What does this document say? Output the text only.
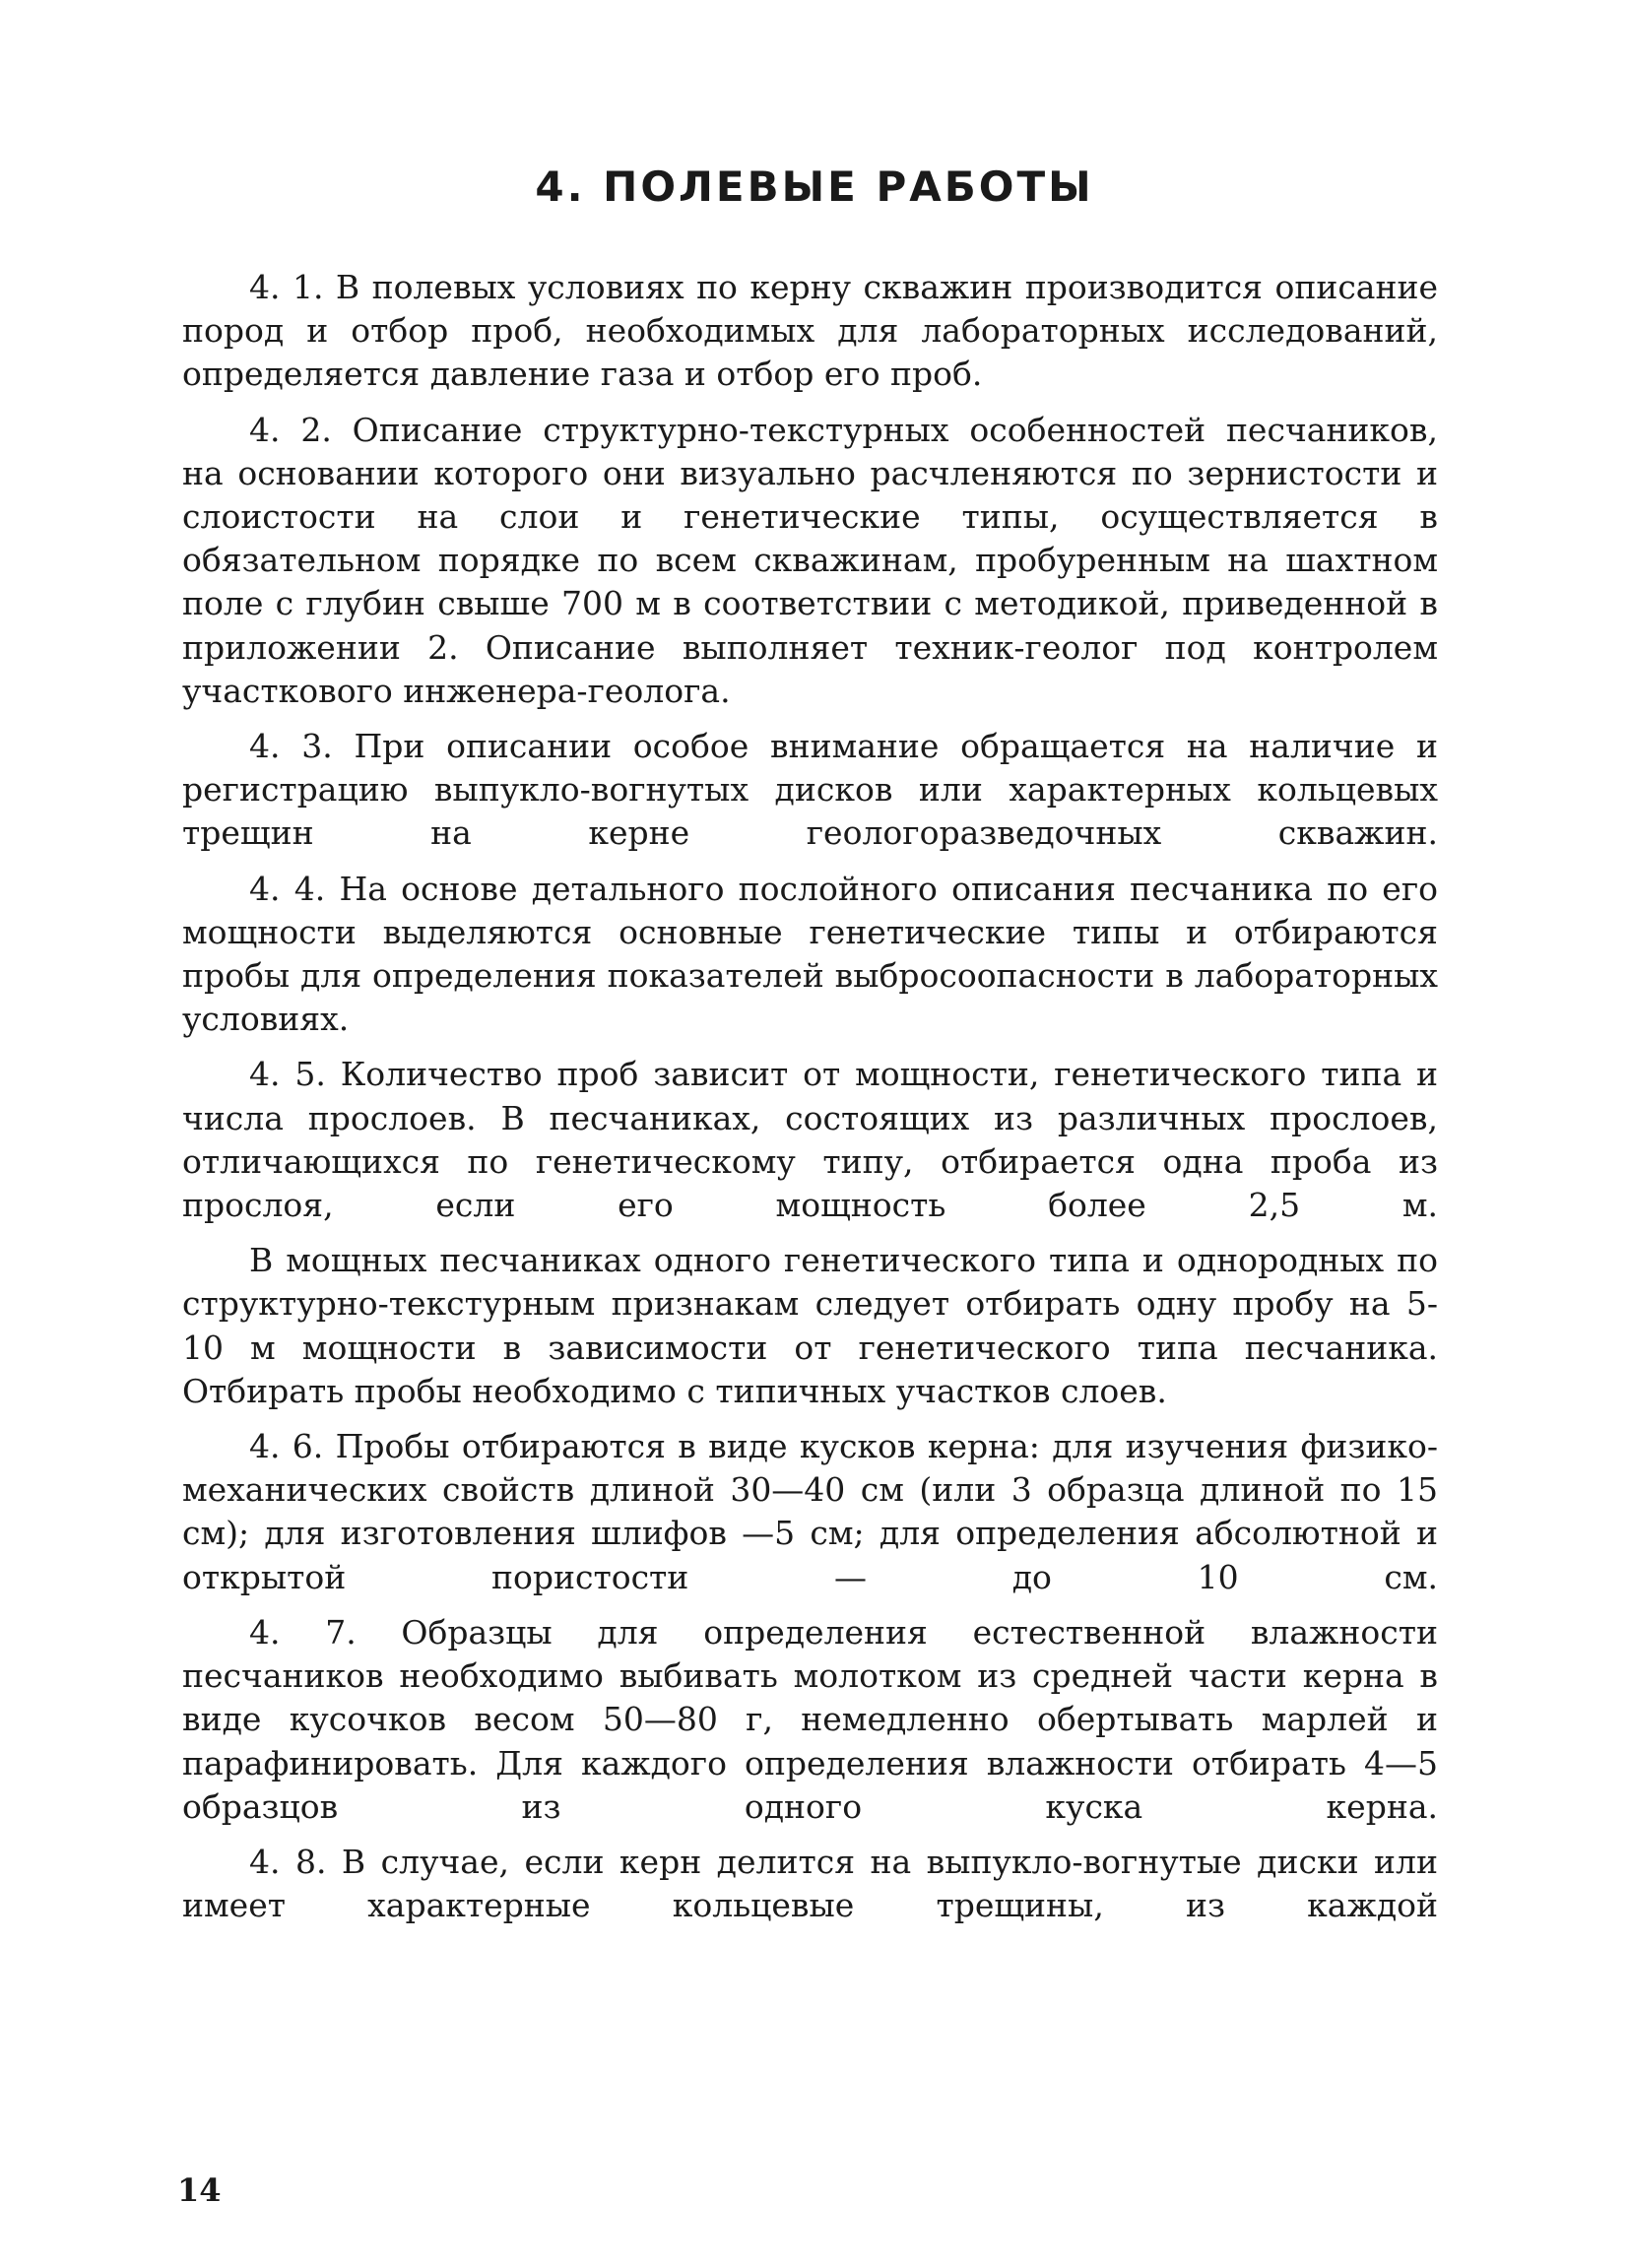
4. ПОЛЕВЫЕ РАБОТЫ

4. 1. В полевых условиях по керну скважин производится описание пород и отбор проб, необходимых для лабораторных исследований, определяется давление газа и отбор его проб.

4. 2. Описание структурно-текстурных особенностей песчаников, на основании которого они визуально расчленяются по зернистости и слоистости на слои и генетические типы, осуществляется в обязательном порядке по всем скважинам, пробуренным на шахтном поле с глубин свыше 700 м в соответствии с методикой, приведенной в приложении 2. Описание выполняет техник-геолог под контролем участкового инженера-геолога.

4. 3. При описании особое внимание обращается на наличие и регистрацию выпукло-вогнутых дисков или характерных кольцевых трещин на керне геологоразведочных скважин.

4. 4. На основе детального послойного описания песчаника по его мощности выделяются основные генетические типы и отбираются пробы для определения показателей выбросоопасности в лабораторных условиях.

4. 5. Количество проб зависит от мощности, генетического типа и числа прослоев. В песчаниках, состоящих из различных прослоев, отличающихся по генетическому типу, отбирается одна проба из прослоя, если его мощность более 2,5 м.

В мощных песчаниках одного генетического типа и однородных по структурно-текстурным признакам следует отбирать одну пробу на 5-10 м мощности в зависимости от генетического типа песчаника. Отбирать пробы необходимо с типичных участков слоев.

4. 6. Пробы отбираются в виде кусков керна: для изучения физико-механических свойств длиной 30—40 см (или 3 образца длиной по 15 см); для изготовления шлифов —5 см; для определения абсолютной и открытой пористости — до 10 см.

4. 7. Образцы для определения естественной влажности песчаников необходимо выбивать молотком из средней части керна в виде кусочков весом 50—80 г, немедленно обертывать марлей и парафинировать. Для каждого определения влажности отбирать 4—5 образцов из одного куска керна.

4. 8. В случае, если керн делится на выпукло-вогнутые диски или имеет характерные кольцевые трещины, из каждой

14
